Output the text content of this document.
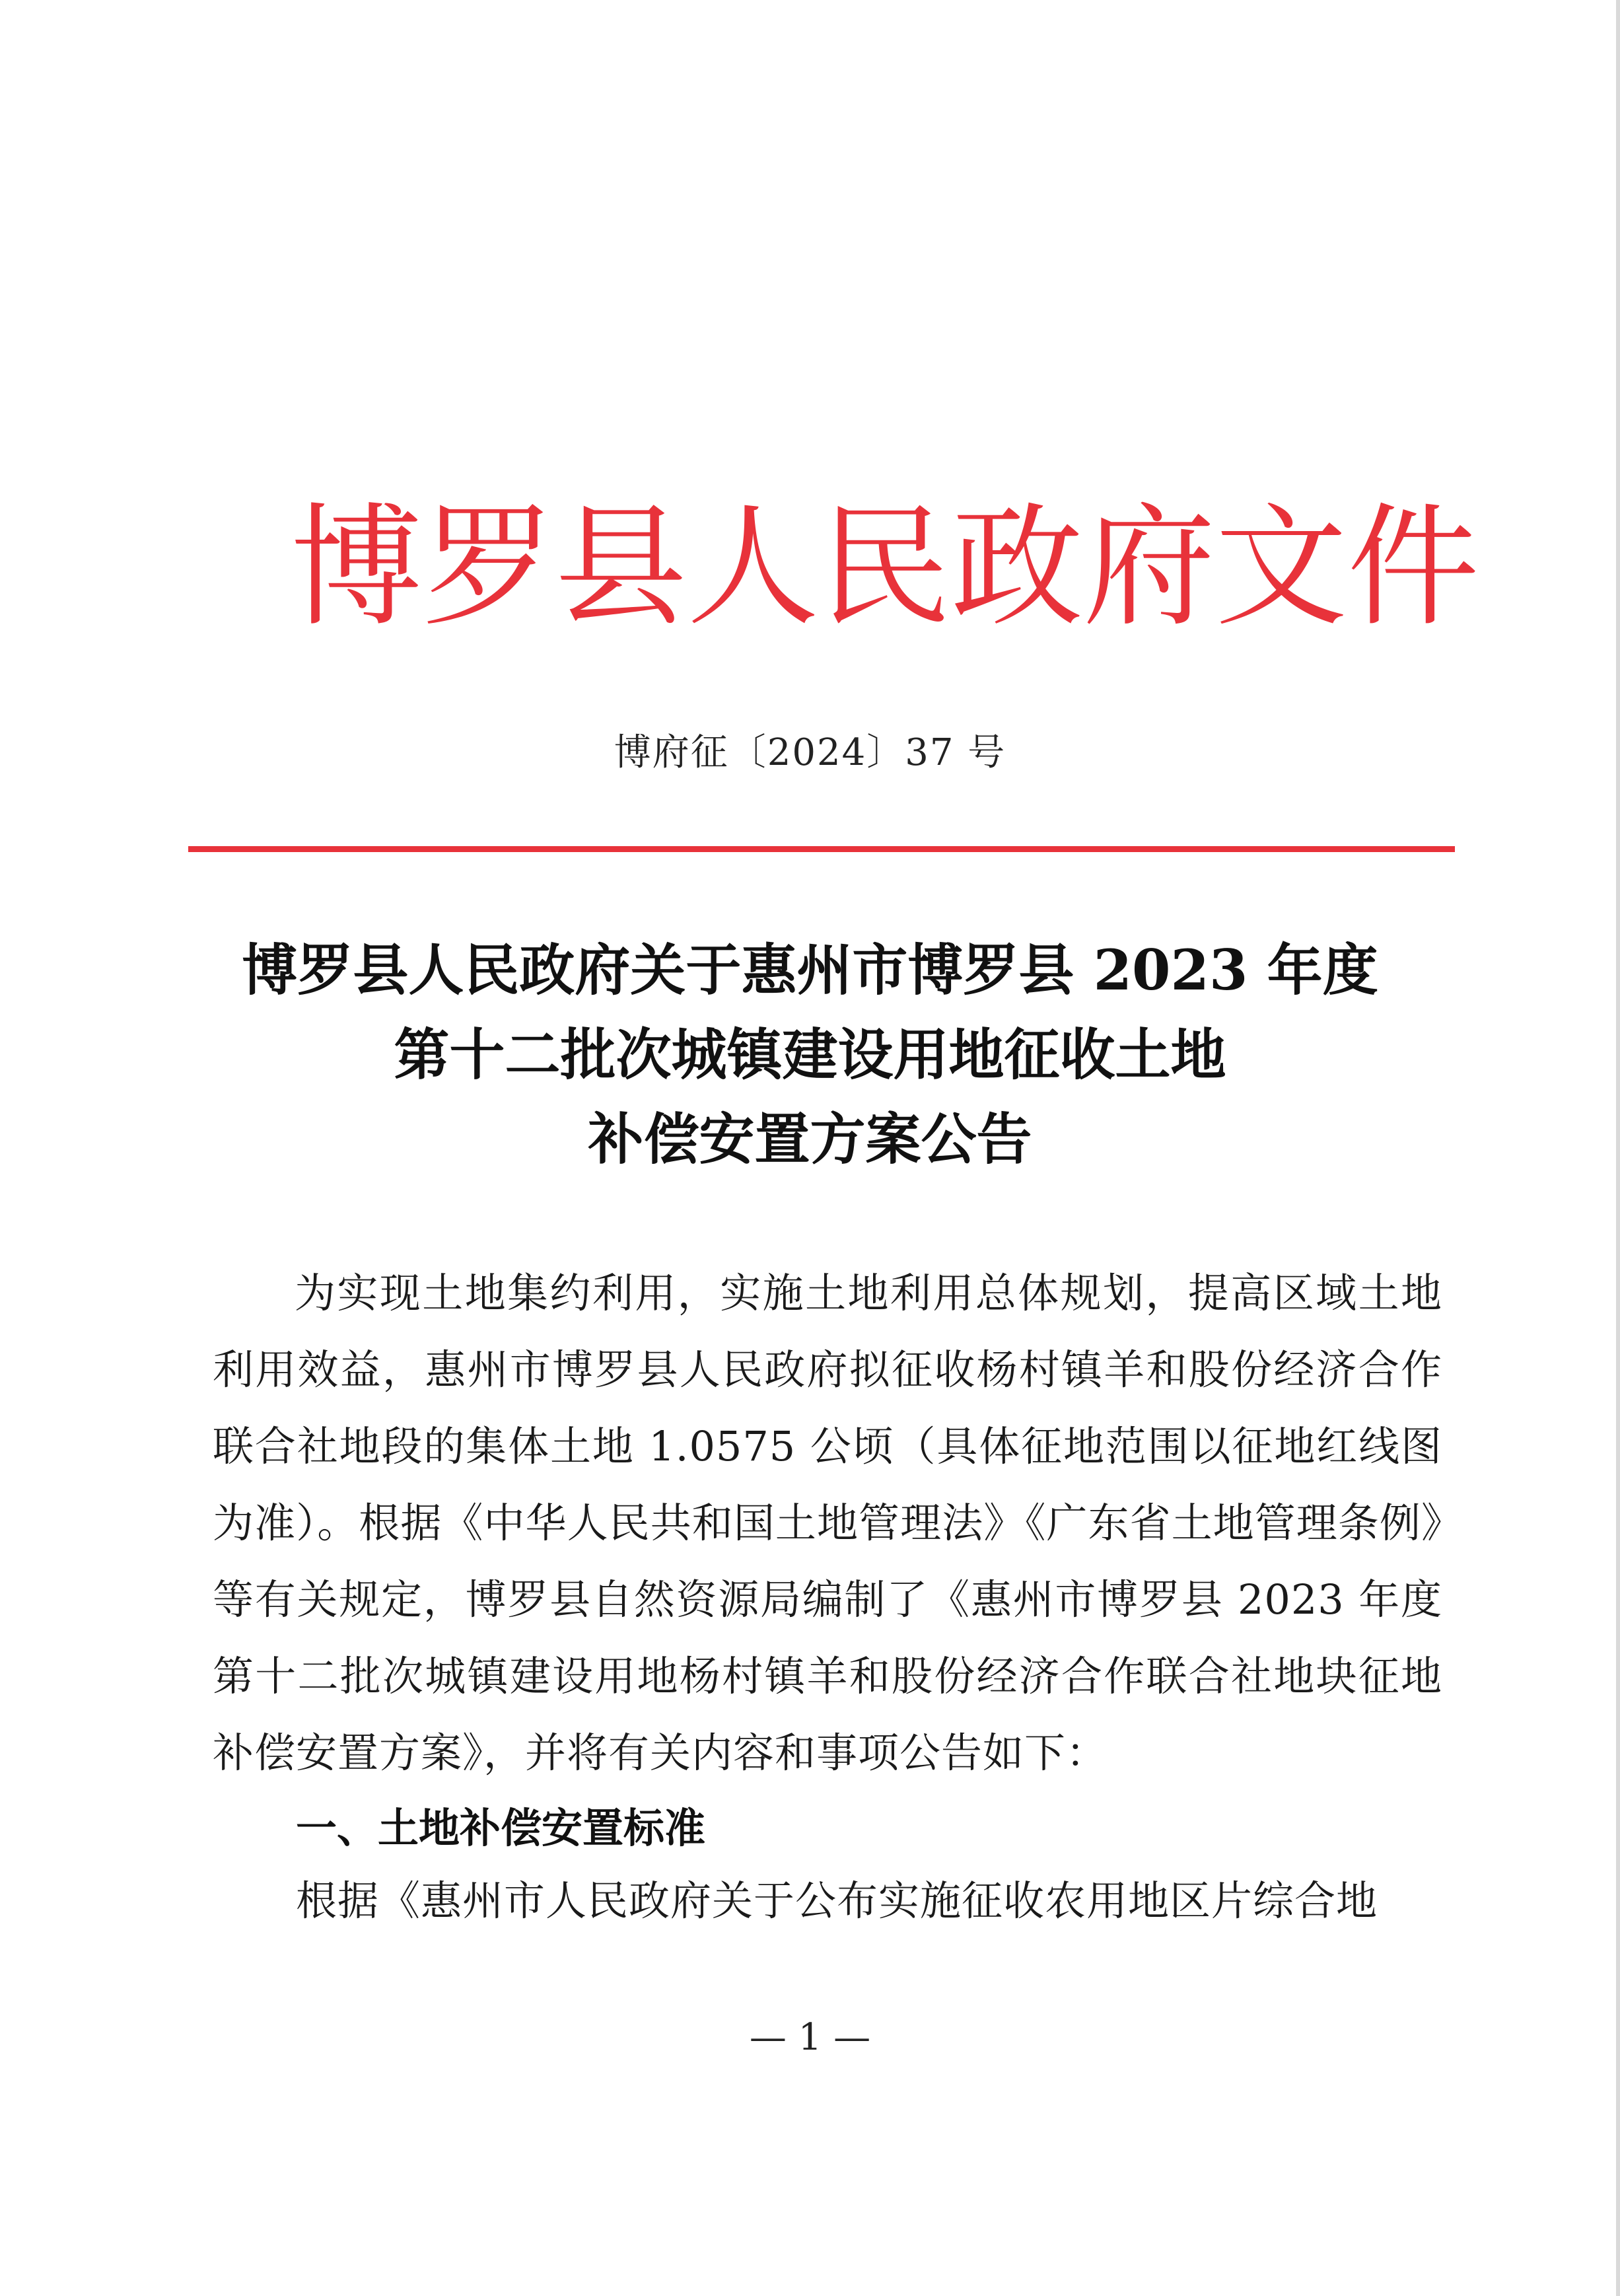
博罗县人民政府文件

博府征〔2024〕37 号

博罗县人民政府关于惠州市博罗县 2023 年度
第十二批次城镇建设用地征收土地
补偿安置方案公告

为实现土地集约利用，实施土地利用总体规划，提高区域土地利用效益，惠州市博罗县人民政府拟征收杨村镇羊和股份经济合作联合社地段的集体土地 1.0575 公顷（具体征地范围以征地红线图为准）。根据《中华人民共和国土地管理法》《广东省土地管理条例》等有关规定，博罗县自然资源局编制了《惠州市博罗县 2023 年度第十二批次城镇建设用地杨村镇羊和股份经济合作联合社地块征地补偿安置方案》，并将有关内容和事项公告如下：

一、土地补偿安置标准

根据《惠州市人民政府关于公布实施征收农用地区片综合地

— 1 —
